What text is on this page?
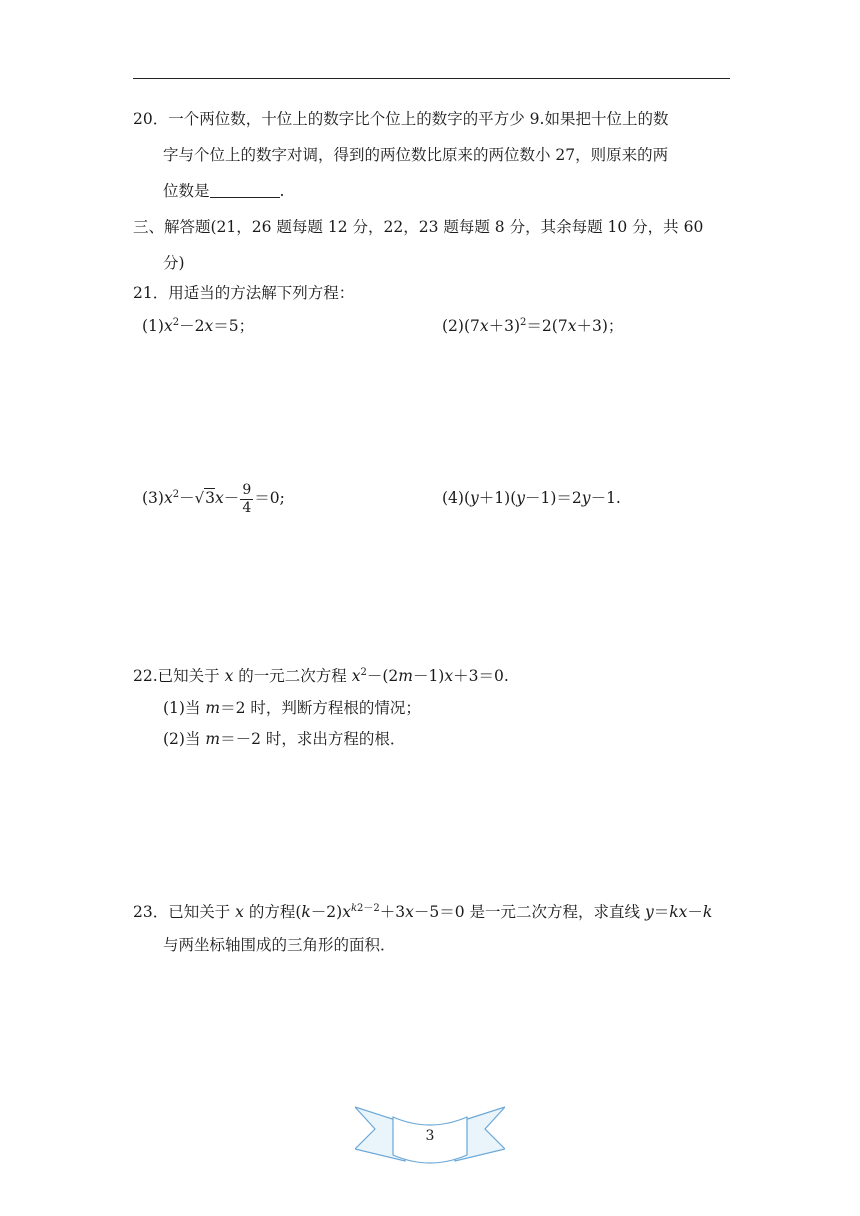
20．一个两位数，十位上的数字比个位上的数字的平方少 9.如果把十位上的数
字与个位上的数字对调，得到的两位数比原来的两位数小 27，则原来的两
位数是	.
三、解答题(21，26 题每题 12 分，22，23 题每题 8 分，其余每题 10 分，共 60
分)
21．用适当的方法解下列方程：
$(1)x^2-2x=5$；	$(2)(7x+3)^2=2(7x+3)$；
$(3)x^2-√3x- \frac{9}{4} =0$;	(4)(y＋1)(y－1)＝2y－1.
22.已知关于 x 的一元二次方程 $x^2-(2m-1)x+3=0$.
(1)当 m＝2 时，判断方程根的情况；
(2)当 m＝－2 时，求出方程的根．
23．已知关于 x 的方程$(k-2)x^{k2-2}+3x-5=0$ 是一元二次方程，求直线 y＝kx－k
与两坐标轴围成的三角形的面积．
3
